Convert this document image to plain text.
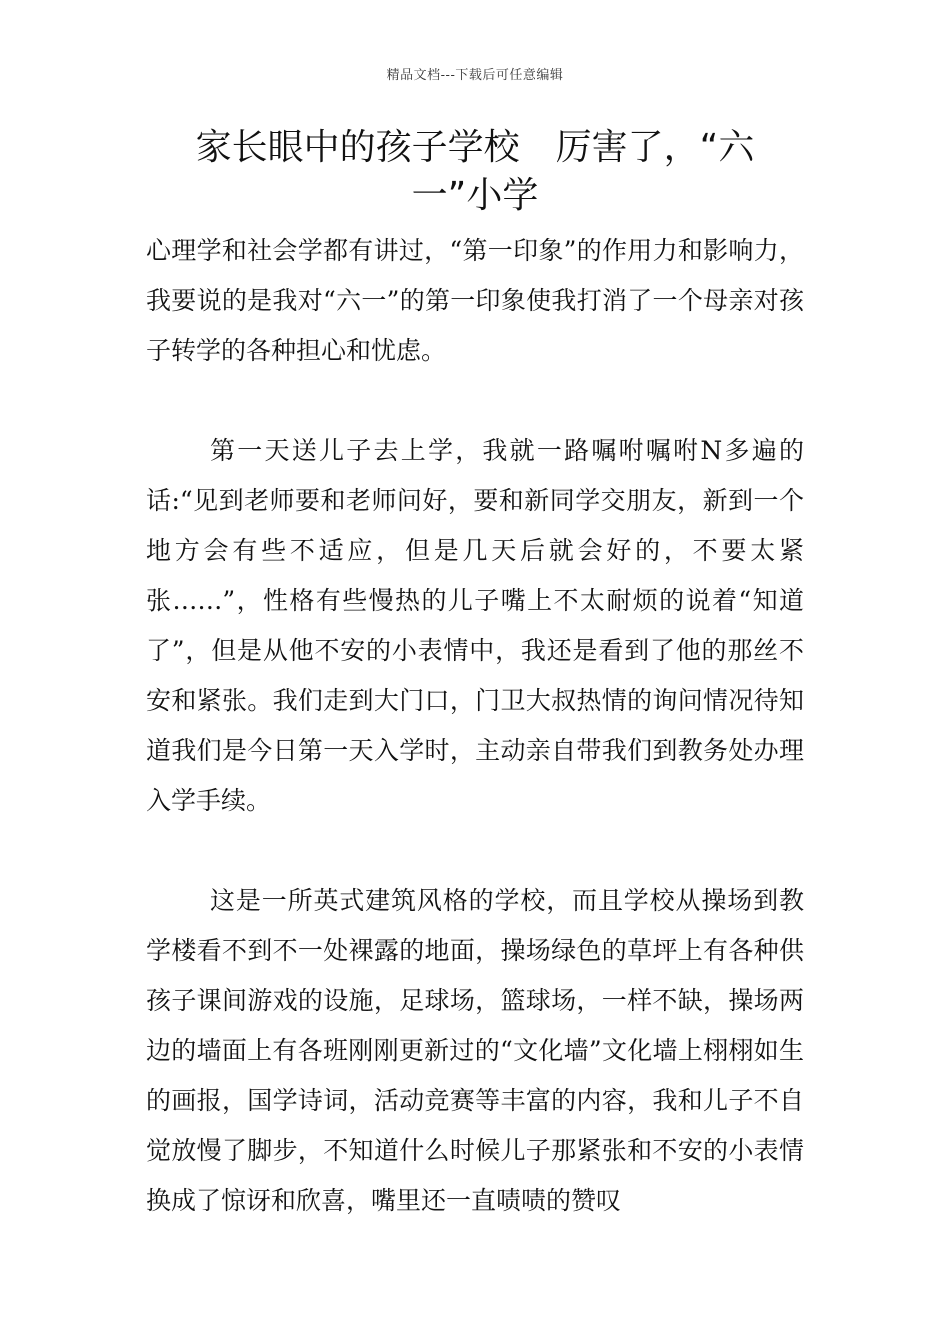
精品文档---下载后可任意编辑
家长眼中的孩子学校　厉害了，“六
一”小学

心理学和社会学都有讲过，“第一印象”的作用力和影响力，我要说的是我对“六一”的第一印象使我打消了一个母亲对孩子转学的各种担心和忧虑。

第一天送儿子去上学，我就一路嘱咐嘱咐N多遍的话:“见到老师要和老师问好，要和新同学交朋友，新到一个地方会有些不适应，但是几天后就会好的，不要太紧张……”，性格有些慢热的儿子嘴上不太耐烦的说着“知道了”，但是从他不安的小表情中，我还是看到了他的那丝不安和紧张。我们走到大门口，门卫大叔热情的询问情况待知道我们是今日第一天入学时，主动亲自带我们到教务处办理入学手续。

这是一所英式建筑风格的学校，而且学校从操场到教学楼看不到不一处裸露的地面，操场绿色的草坪上有各种供孩子课间游戏的设施，足球场，篮球场，一样不缺，操场两边的墙面上有各班刚刚更新过的“文化墙”文化墙上栩栩如生的画报，国学诗词，活动竞赛等丰富的内容，我和儿子不自觉放慢了脚步，不知道什么时候儿子那紧张和不安的小表情换成了惊讶和欣喜，嘴里还一直啧啧的赞叹
